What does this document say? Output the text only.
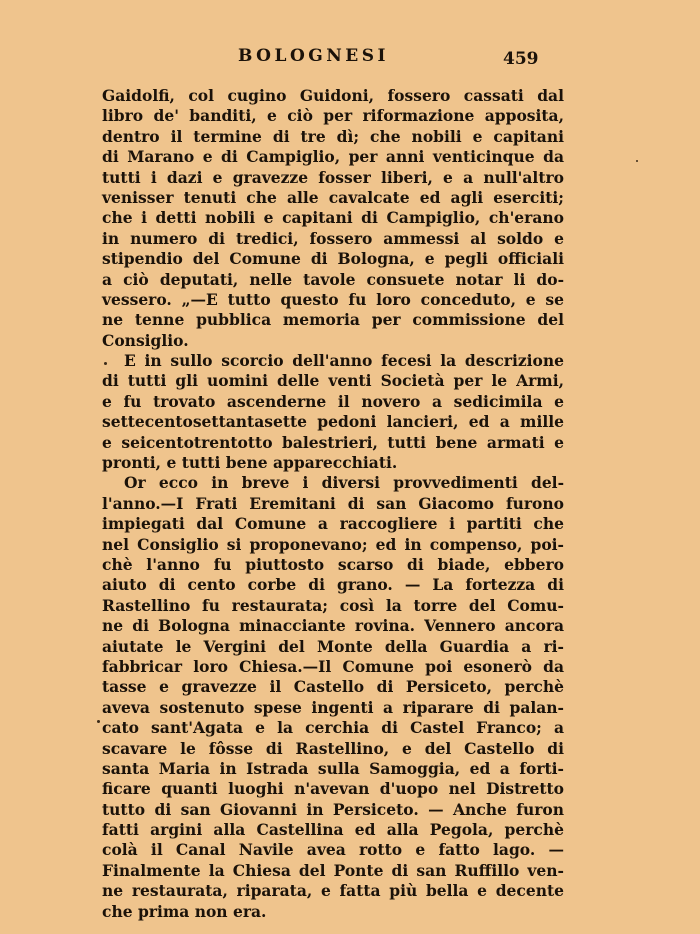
BOLOGNESI	459
Gaidolfi, col cugino Guidoni, fossero cassati dal
libro de' banditi, e ciò per riformazione apposita,
dentro il termine di tre dì; che nobili e capitani
di Marano e di Campiglio, per anni venticinque da
tutti i dazi e gravezze fosser liberi, e a null'altro
venisser tenuti che alle cavalcate ed agli eserciti;
che i detti nobili e capitani di Campiglio, ch'erano
in numero di tredici, fossero ammessi al soldo e
stipendio del Comune di Bologna, e pegli officiali
a ciò deputati, nelle tavole consuete notar li do-
vessero. „—E tutto questo fu loro conceduto, e se
ne tenne pubblica memoria per commissione del
Consiglio.
E in sullo scorcio dell'anno fecesi la descrizione
di tutti gli uomini delle venti Società per le Armi,
e fu trovato ascenderne il novero a sedicimila e
settecentosettantasette pedoni lancieri, ed a mille
e seicentotrentotto balestrieri, tutti bene armati e
pronti, e tutti bene apparecchiati.
Or ecco in breve i diversi provvedimenti del-
l'anno.—I Frati Eremitani di san Giacomo furono
impiegati dal Comune a raccogliere i partiti che
nel Consiglio si proponevano; ed in compenso, poi-
chè l'anno fu piuttosto scarso di biade, ebbero
aiuto di cento corbe di grano. — La fortezza di
Rastellino fu restaurata; così la torre del Comu-
ne di Bologna minacciante rovina. Vennero ancora
aiutate le Vergini del Monte della Guardia a ri-
fabbricar loro Chiesa.—Il Comune poi esonerò da
tasse e gravezze il Castello di Persiceto, perchè
aveva sostenuto spese ingenti a riparare di palan-
cato sant'Agata e la cerchia di Castel Franco; a
scavare le fôsse di Rastellino, e del Castello di
santa Maria in Istrada sulla Samoggia, ed a forti-
ficare quanti luoghi n'avevan d'uopo nel Distretto
tutto di san Giovanni in Persiceto. — Anche furon
fatti argini alla Castellina ed alla Pegola, perchè
colà il Canal Navile avea rotto e fatto lago. —
Finalmente la Chiesa del Ponte di san Ruffillo ven-
ne restaurata, riparata, e fatta più bella e decente
che prima non era.
